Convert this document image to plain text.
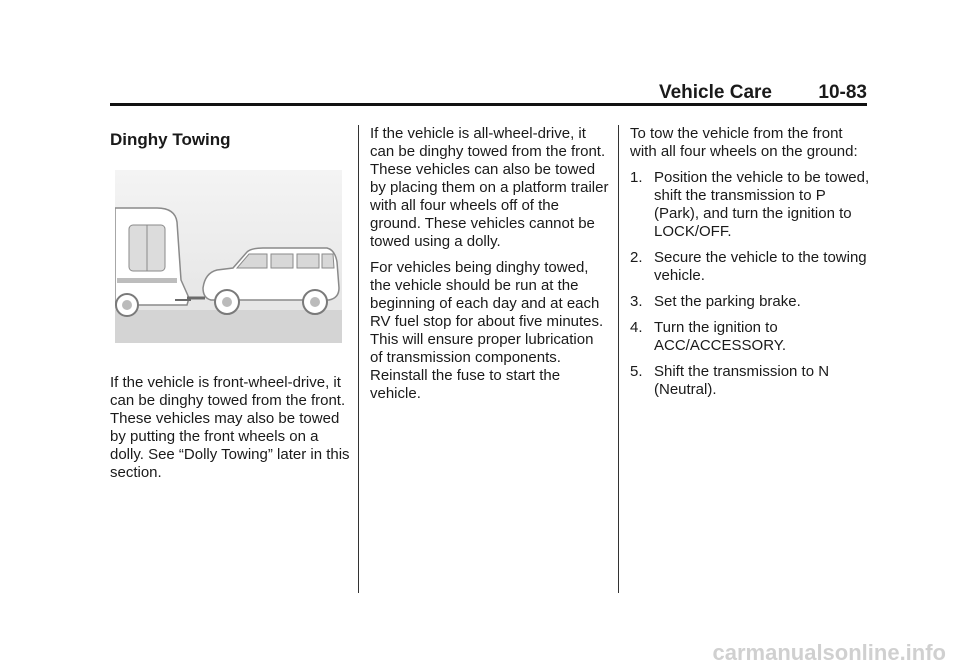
Vehicle Care 10-83
Dinghy Towing

If the vehicle is front-wheel-drive, it can be dinghy towed from the front. These vehicles may also be towed by putting the front wheels on a dolly. See “Dolly Towing” later in this section.

If the vehicle is all-wheel-drive, it can be dinghy towed from the front. These vehicles can also be towed by placing them on a platform trailer with all four wheels off of the ground. These vehicles cannot be towed using a dolly.

For vehicles being dinghy towed, the vehicle should be run at the beginning of each day and at each RV fuel stop for about five minutes. This will ensure proper lubrication of transmission components. Reinstall the fuse to start the vehicle.

To tow the vehicle from the front with all four wheels on the ground:

1. Position the vehicle to be towed, shift the transmission to P (Park), and turn the ignition to LOCK/OFF.
2. Secure the vehicle to the towing vehicle.
3. Set the parking brake.
4. Turn the ignition to ACC/ACCESSORY.
5. Shift the transmission to N (Neutral).
carmanualsonline.info
